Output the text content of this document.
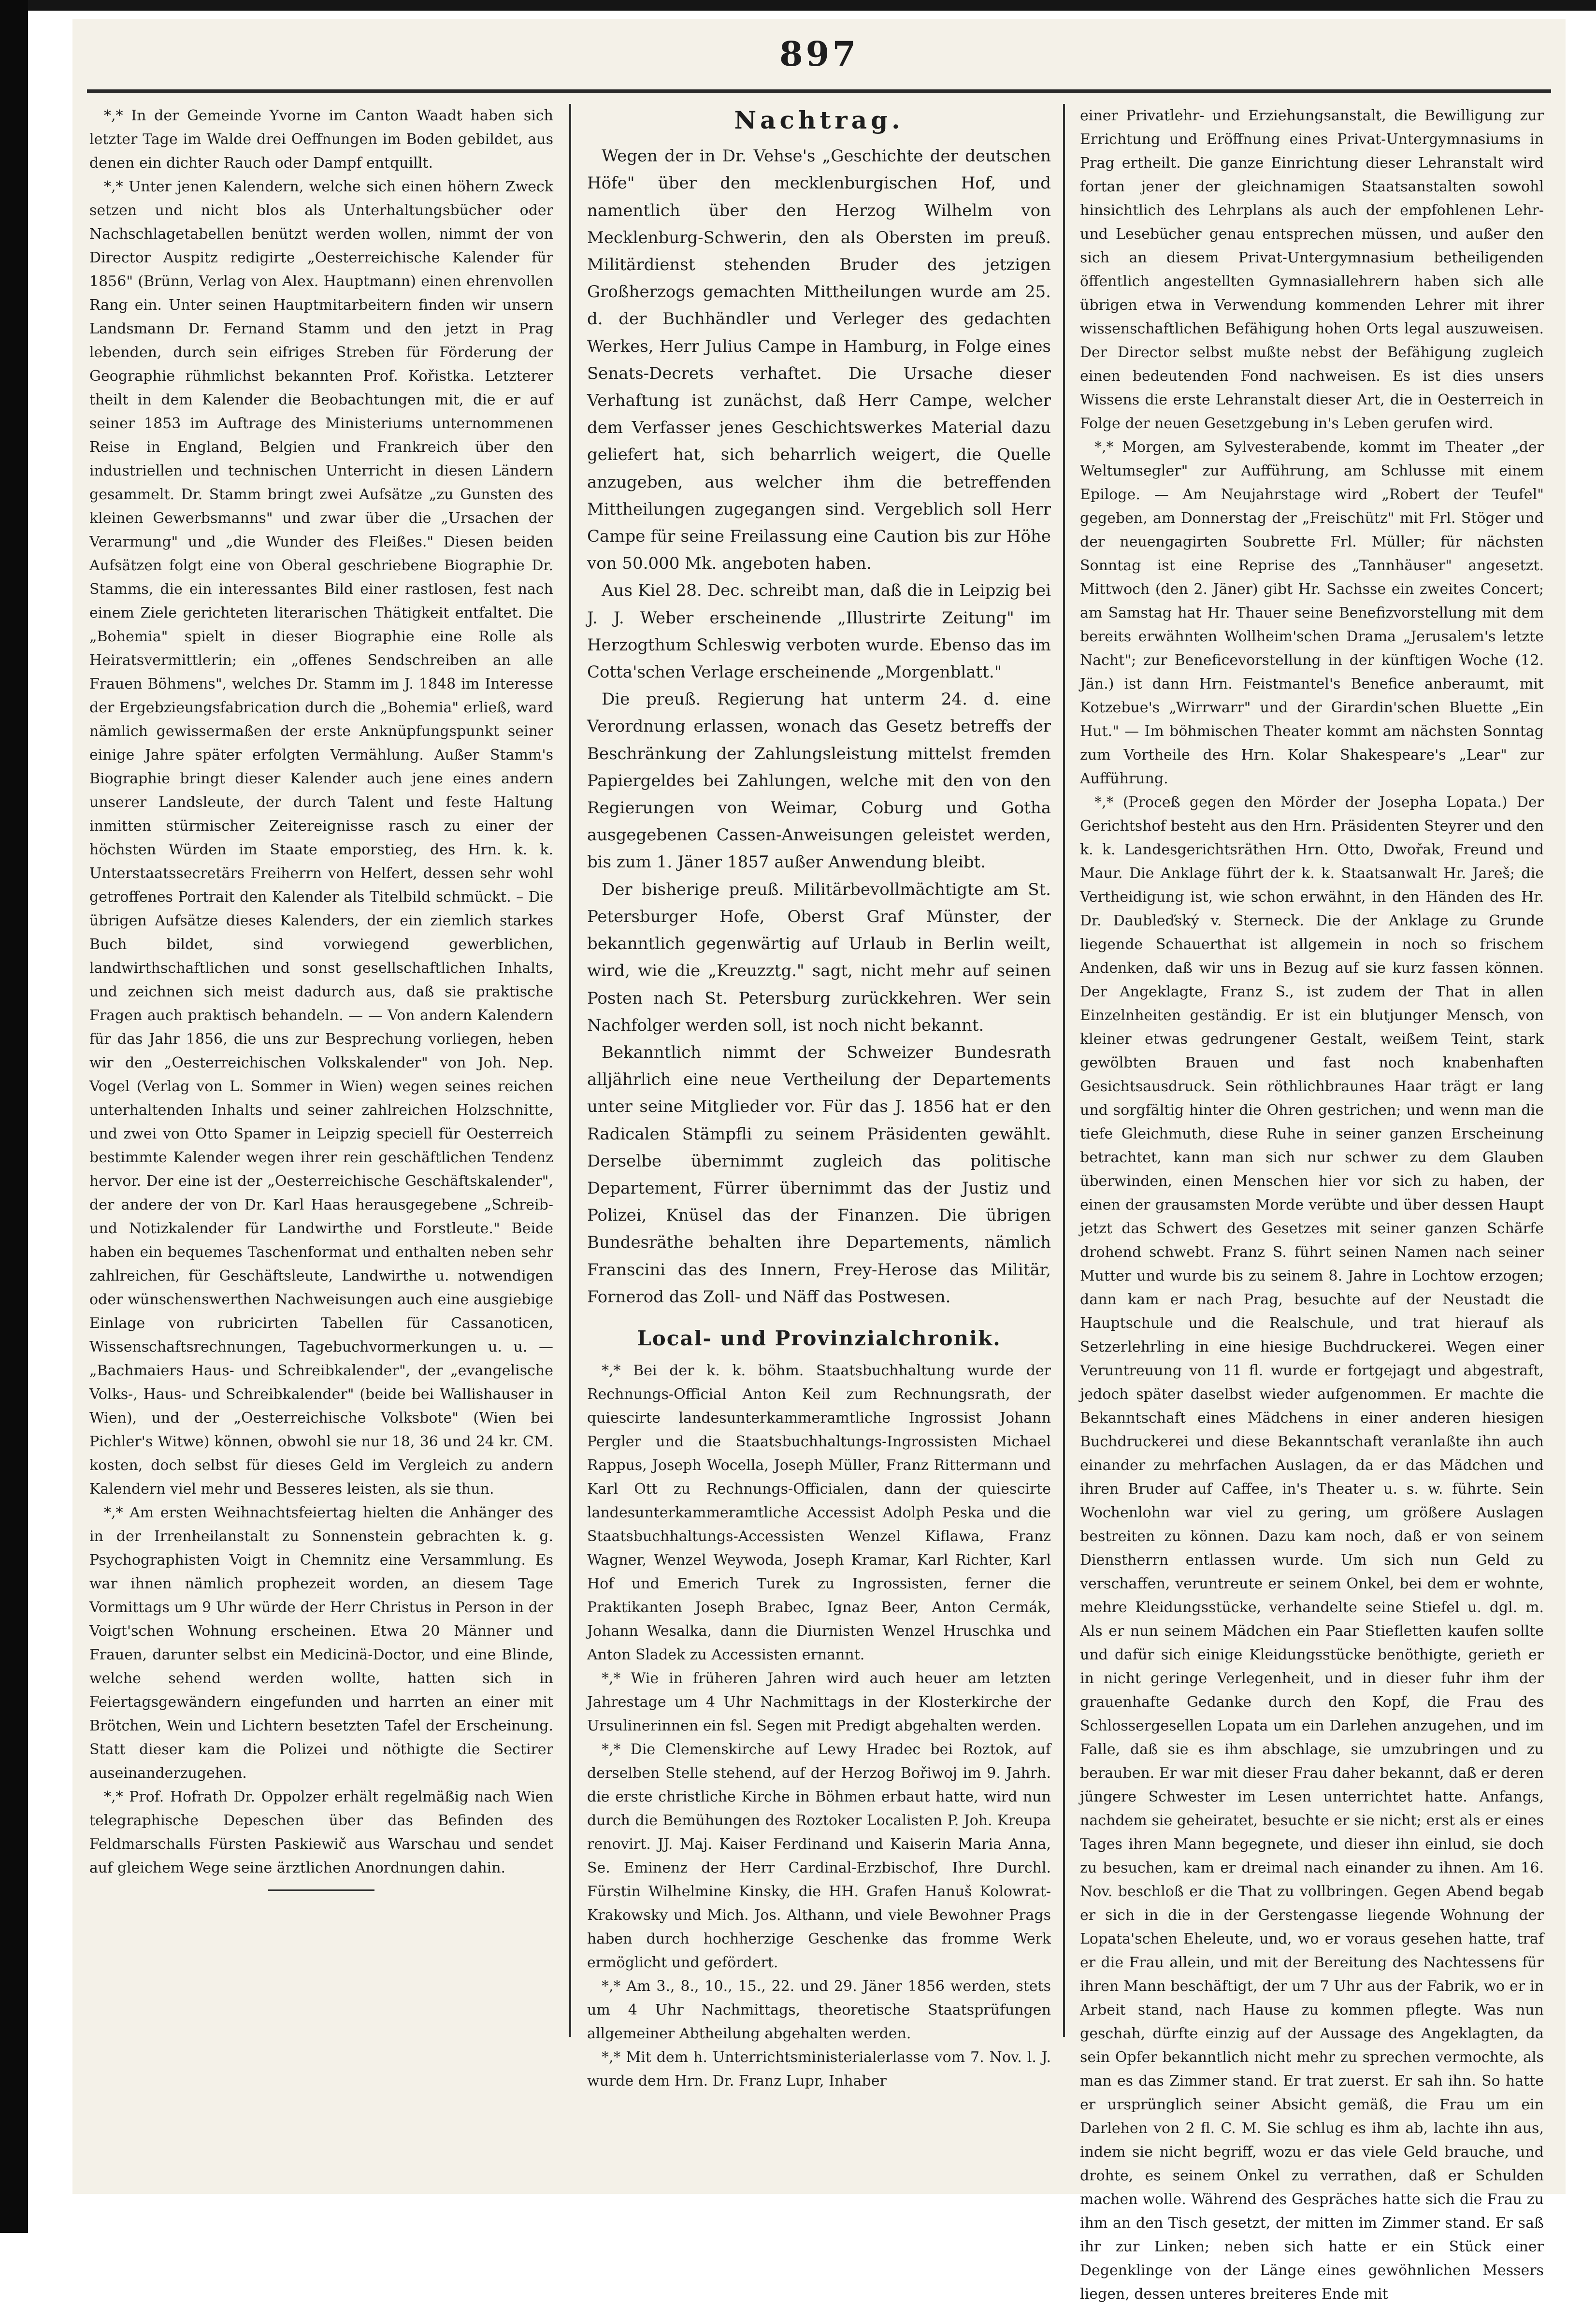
897

*,* In der Gemeinde Yvorne im Canton Waadt haben sich letzter Tage im Walde drei Oeffnungen im Boden gebildet, aus denen ein dichter Rauch oder Dampf entquillt.

*,* Unter jenen Kalendern, welche sich einen höhern Zweck setzen und nicht blos als Unterhaltungsbücher oder Nachschlagetabellen benützt werden wollen, nimmt der von Director Auspitz redigirte „Oesterreichische Kalender für 1856" (Brünn, Verlag von Alex. Hauptmann) einen ehrenvollen Rang ein. Unter seinen Hauptmitarbeitern finden wir unsern Landsmann Dr. Fernand Stamm und den jetzt in Prag lebenden, durch sein eifriges Streben für Förderung der Geographie rühmlichst bekannten Prof. Kořistka. Letzterer theilt in dem Kalender die Beobachtungen mit, die er auf seiner 1853 im Auftrage des Ministeriums unternommenen Reise in England, Belgien und Frankreich über den industriellen und technischen Unterricht in diesen Ländern gesammelt. Dr. Stamm bringt zwei Aufsätze „zu Gunsten des kleinen Gewerbsmanns" und zwar über die „Ursachen der Verarmung" und „die Wunder des Fleißes." Diesen beiden Aufsätzen folgt eine von Oberal geschriebene Biographie Dr. Stamms, die ein interessantes Bild einer rastlosen, fest nach einem Ziele gerichteten literarischen Thätigkeit entfaltet. Die „Bohemia" spielt in dieser Biographie eine Rolle als Heiratsvermittlerin; ein „offenes Sendschreiben an alle Frauen Böhmens", welches Dr. Stamm im J. 1848 im Interesse der Ergebzieungsfabrication durch die „Bohemia" erließ, ward nämlich gewissermaßen der erste Anknüpfungspunkt seiner einige Jahre später erfolgten Vermählung. Außer Stamm's Biographie bringt dieser Kalender auch jene eines andern unserer Landsleute, der durch Talent und feste Haltung inmitten stürmischer Zeitereignisse rasch zu einer der höchsten Würden im Staate emporstieg, des Hrn. k. k. Unterstaatssecretärs Freiherrn von Helfert, dessen sehr wohl getroffenes Portrait den Kalender als Titelbild schmückt. – Die übrigen Aufsätze dieses Kalenders, der ein ziemlich starkes Buch bildet, sind vorwiegend gewerblichen, landwirthschaftlichen und sonst gesellschaftlichen Inhalts, und zeichnen sich meist dadurch aus, daß sie praktische Fragen auch praktisch behandeln. — — Von andern Kalendern für das Jahr 1856, die uns zur Besprechung vorliegen, heben wir den „Oesterreichischen Volkskalender" von Joh. Nep. Vogel (Verlag von L. Sommer in Wien) wegen seines reichen unterhaltenden Inhalts und seiner zahlreichen Holzschnitte, und zwei von Otto Spamer in Leipzig speciell für Oesterreich bestimmte Kalender wegen ihrer rein geschäftlichen Tendenz hervor. Der eine ist der „Oesterreichische Geschäftskalender", der andere der von Dr. Karl Haas herausgegebene „Schreib- und Notizkalender für Landwirthe und Forstleute." Beide haben ein bequemes Taschenformat und enthalten neben sehr zahlreichen, für Geschäftsleute, Landwirthe u. notwendigen oder wünschenswerthen Nachweisungen auch eine ausgiebige Einlage von rubricirten Tabellen für Cassanoticen, Wissenschaftsrechnungen, Tagebuchvormerkungen u. u. — „Bachmaiers Haus- und Schreibkalender", der „evangelische Volks-, Haus- und Schreibkalender" (beide bei Wallishauser in Wien), und der „Oesterreichische Volksbote" (Wien bei Pichler's Witwe) können, obwohl sie nur 18, 36 und 24 kr. CM. kosten, doch selbst für dieses Geld im Vergleich zu andern Kalendern viel mehr und Besseres leisten, als sie thun.

*,* Am ersten Weihnachtsfeiertag hielten die Anhänger des in der Irrenheilanstalt zu Sonnenstein gebrachten k. g. Psychographisten Voigt in Chemnitz eine Versammlung. Es war ihnen nämlich prophezeit worden, an diesem Tage Vormittags um 9 Uhr würde der Herr Christus in Person in der Voigt'schen Wohnung erscheinen. Etwa 20 Männer und Frauen, darunter selbst ein Medicinä-Doctor, und eine Blinde, welche sehend werden wollte, hatten sich in Feiertagsgewändern eingefunden und harrten an einer mit Brötchen, Wein und Lichtern besetzten Tafel der Erscheinung. Statt dieser kam die Polizei und nöthigte die Sectirer auseinanderzugehen.

*,* Prof. Hofrath Dr. Oppolzer erhält regelmäßig nach Wien telegraphische Depeschen über das Befinden des Feldmarschalls Fürsten Paskiewič aus Warschau und sendet auf gleichem Wege seine ärztlichen Anordnungen dahin.

Nachtrag.

Wegen der in Dr. Vehse's „Geschichte der deutschen Höfe" über den mecklenburgischen Hof, und namentlich über den Herzog Wilhelm von Mecklenburg-Schwerin, den als Obersten im preuß. Militärdienst stehenden Bruder des jetzigen Großherzogs gemachten Mittheilungen wurde am 25. d. der Buchhändler und Verleger des gedachten Werkes, Herr Julius Campe in Hamburg, in Folge eines Senats-Decrets verhaftet. Die Ursache dieser Verhaftung ist zunächst, daß Herr Campe, welcher dem Verfasser jenes Geschichtswerkes Material dazu geliefert hat, sich beharrlich weigert, die Quelle anzugeben, aus welcher ihm die betreffenden Mittheilungen zugegangen sind. Vergeblich soll Herr Campe für seine Freilassung eine Caution bis zur Höhe von 50.000 Mk. angeboten haben.

Aus Kiel 28. Dec. schreibt man, daß die in Leipzig bei J. J. Weber erscheinende „Illustrirte Zeitung" im Herzogthum Schleswig verboten wurde. Ebenso das im Cotta'schen Verlage erscheinende „Morgenblatt."

Die preuß. Regierung hat unterm 24. d. eine Verordnung erlassen, wonach das Gesetz betreffs der Beschränkung der Zahlungsleistung mittelst fremden Papiergeldes bei Zahlungen, welche mit den von den Regierungen von Weimar, Coburg und Gotha ausgegebenen Cassen-Anweisungen geleistet werden, bis zum 1. Jäner 1857 außer Anwendung bleibt.

Der bisherige preuß. Militärbevollmächtigte am St. Petersburger Hofe, Oberst Graf Münster, der bekanntlich gegenwärtig auf Urlaub in Berlin weilt, wird, wie die „Kreuzztg." sagt, nicht mehr auf seinen Posten nach St. Petersburg zurückkehren. Wer sein Nachfolger werden soll, ist noch nicht bekannt.

Bekanntlich nimmt der Schweizer Bundesrath alljährlich eine neue Vertheilung der Departements unter seine Mitglieder vor. Für das J. 1856 hat er den Radicalen Stämpfli zu seinem Präsidenten gewählt. Derselbe übernimmt zugleich das politische Departement, Fürrer übernimmt das der Justiz und Polizei, Knüsel das der Finanzen. Die übrigen Bundesräthe behalten ihre Departements, nämlich Franscini das des Innern, Frey-Herose das Militär, Fornerod das Zoll- und Näff das Postwesen.

Local- und Provinzialchronik.

*,* Bei der k. k. böhm. Staatsbuchhaltung wurde der Rechnungs-Official Anton Keil zum Rechnungsrath, der quiescirte landesunterkammeramtliche Ingrossist Johann Pergler und die Staatsbuchhaltungs-Ingrossisten Michael Rappus, Joseph Wocella, Joseph Müller, Franz Rittermann und Karl Ott zu Rechnungs-Officialen, dann der quiescirte landesunterkammeramtliche Accessist Adolph Peska und die Staatsbuchhaltungs-Accessisten Wenzel Kiflawa, Franz Wagner, Wenzel Weywoda, Joseph Kramar, Karl Richter, Karl Hof und Emerich Turek zu Ingrossisten, ferner die Praktikanten Joseph Brabec, Ignaz Beer, Anton Cermák, Johann Wesalka, dann die Diurnisten Wenzel Hruschka und Anton Sladek zu Accessisten ernannt.

*,* Wie in früheren Jahren wird auch heuer am letzten Jahrestage um 4 Uhr Nachmittags in der Klosterkirche der Ursulinerinnen ein fsl. Segen mit Predigt abgehalten werden.

*,* Die Clemenskirche auf Lewy Hradec bei Roztok, auf derselben Stelle stehend, auf der Herzog Bořiwoj im 9. Jahrh. die erste christliche Kirche in Böhmen erbaut hatte, wird nun durch die Bemühungen des Roztoker Localisten P. Joh. Kreupa renovirt. JJ. Maj. Kaiser Ferdinand und Kaiserin Maria Anna, Se. Eminenz der Herr Cardinal-Erzbischof, Ihre Durchl. Fürstin Wilhelmine Kinsky, die HH. Grafen Hanuš Kolowrat-Krakowsky und Mich. Jos. Althann, und viele Bewohner Prags haben durch hochherzige Geschenke das fromme Werk ermöglicht und gefördert.

*,* Am 3., 8., 10., 15., 22. und 29. Jäner 1856 werden, stets um 4 Uhr Nachmittags, theoretische Staatsprüfungen allgemeiner Abtheilung abgehalten werden.

*,* Mit dem h. Unterrichtsministerialerlasse vom 7. Nov. l. J. wurde dem Hrn. Dr. Franz Lupr, Inhaber

einer Privatlehr- und Erziehungsanstalt, die Bewilligung zur Errichtung und Eröffnung eines Privat-Untergymnasiums in Prag ertheilt. Die ganze Einrichtung dieser Lehranstalt wird fortan jener der gleichnamigen Staatsanstalten sowohl hinsichtlich des Lehrplans als auch der empfohlenen Lehr- und Lesebücher genau entsprechen müssen, und außer den sich an diesem Privat-Untergymnasium betheiligenden öffentlich angestellten Gymnasiallehrern haben sich alle übrigen etwa in Verwendung kommenden Lehrer mit ihrer wissenschaftlichen Befähigung hohen Orts legal auszuweisen. Der Director selbst mußte nebst der Befähigung zugleich einen bedeutenden Fond nachweisen. Es ist dies unsers Wissens die erste Lehranstalt dieser Art, die in Oesterreich in Folge der neuen Gesetzgebung in's Leben gerufen wird.

*,* Morgen, am Sylvesterabende, kommt im Theater „der Weltumsegler" zur Aufführung, am Schlusse mit einem Epiloge. — Am Neujahrstage wird „Robert der Teufel" gegeben, am Donnerstag der „Freischütz" mit Frl. Stöger und der neuengagirten Soubrette Frl. Müller; für nächsten Sonntag ist eine Reprise des „Tannhäuser" angesetzt. Mittwoch (den 2. Jäner) gibt Hr. Sachsse ein zweites Concert; am Samstag hat Hr. Thauer seine Benefizvorstellung mit dem bereits erwähnten Wollheim'schen Drama „Jerusalem's letzte Nacht"; zur Beneficevorstellung in der künftigen Woche (12. Jän.) ist dann Hrn. Feistmantel's Benefice anberaumt, mit Kotzebue's „Wirrwarr" und der Girardin'schen Bluette „Ein Hut." — Im böhmischen Theater kommt am nächsten Sonntag zum Vortheile des Hrn. Kolar Shakespeare's „Lear" zur Aufführung.

*,* (Proceß gegen den Mörder der Josepha Lopata.) Der Gerichtshof besteht aus den Hrn. Präsidenten Steyrer und den k. k. Landesgerichtsräthen Hrn. Otto, Dwořak, Freund und Maur. Die Anklage führt der k. k. Staatsanwalt Hr. Jareš; die Vertheidigung ist, wie schon erwähnt, in den Händen des Hr. Dr. Daubleďský v. Sterneck. Die der Anklage zu Grunde liegende Schauerthat ist allgemein in noch so frischem Andenken, daß wir uns in Bezug auf sie kurz fassen können. Der Angeklagte, Franz S., ist zudem der That in allen Einzelnheiten geständig. Er ist ein blutjunger Mensch, von kleiner etwas gedrungener Gestalt, weißem Teint, stark gewölbten Brauen und fast noch knabenhaften Gesichtsausdruck. Sein röthlichbraunes Haar trägt er lang und sorgfältig hinter die Ohren gestrichen; und wenn man die tiefe Gleichmuth, diese Ruhe in seiner ganzen Erscheinung betrachtet, kann man sich nur schwer zu dem Glauben überwinden, einen Menschen hier vor sich zu haben, der einen der grausamsten Morde verübte und über dessen Haupt jetzt das Schwert des Gesetzes mit seiner ganzen Schärfe drohend schwebt. Franz S. führt seinen Namen nach seiner Mutter und wurde bis zu seinem 8. Jahre in Lochtow erzogen; dann kam er nach Prag, besuchte auf der Neustadt die Hauptschule und die Realschule, und trat hierauf als Setzerlehrling in eine hiesige Buchdruckerei. Wegen einer Veruntreuung von 11 fl. wurde er fortgejagt und abgestraft, jedoch später daselbst wieder aufgenommen. Er machte die Bekanntschaft eines Mädchens in einer anderen hiesigen Buchdruckerei und diese Bekanntschaft veranlaßte ihn auch einander zu mehrfachen Auslagen, da er das Mädchen und ihren Bruder auf Caffee, in's Theater u. s. w. führte. Sein Wochenlohn war viel zu gering, um größere Auslagen bestreiten zu können. Dazu kam noch, daß er von seinem Dienstherrn entlassen wurde. Um sich nun Geld zu verschaffen, veruntreute er seinem Onkel, bei dem er wohnte, mehre Kleidungsstücke, verhandelte seine Stiefel u. dgl. m. Als er nun seinem Mädchen ein Paar Stiefletten kaufen sollte und dafür sich einige Kleidungsstücke benöthigte, gerieth er in nicht geringe Verlegenheit, und in dieser fuhr ihm der grauenhafte Gedanke durch den Kopf, die Frau des Schlossergesellen Lopata um ein Darlehen anzugehen, und im Falle, daß sie es ihm abschlage, sie umzubringen und zu berauben. Er war mit dieser Frau daher bekannt, daß er deren jüngere Schwester im Lesen unterrichtet hatte. Anfangs, nachdem sie geheiratet, besuchte er sie nicht; erst als er eines Tages ihren Mann begegnete, und dieser ihn einlud, sie doch zu besuchen, kam er dreimal nach einander zu ihnen. Am 16. Nov. beschloß er die That zu vollbringen. Gegen Abend begab er sich in die in der Gerstengasse liegende Wohnung der Lopata'schen Eheleute, und, wo er voraus gesehen hatte, traf er die Frau allein, und mit der Bereitung des Nachtessens für ihren Mann beschäftigt, der um 7 Uhr aus der Fabrik, wo er in Arbeit stand, nach Hause zu kommen pflegte. Was nun geschah, dürfte einzig auf der Aussage des Angeklagten, da sein Opfer bekanntlich nicht mehr zu sprechen vermochte, als man es das Zimmer stand. Er trat zuerst. Er sah ihn. So hatte er ursprünglich seiner Absicht gemäß, die Frau um ein Darlehen von 2 fl. C. M. Sie schlug es ihm ab, lachte ihn aus, indem sie nicht begriff, wozu er das viele Geld brauche, und drohte, es seinem Onkel zu verrathen, daß er Schulden machen wolle. Während des Gespräches hatte sich die Frau zu ihm an den Tisch gesetzt, der mitten im Zimmer stand. Er saß ihr zur Linken; neben sich hatte er ein Stück einer Degenklinge von der Länge eines gewöhnlichen Messers liegen, dessen unteres breiteres Ende mit
